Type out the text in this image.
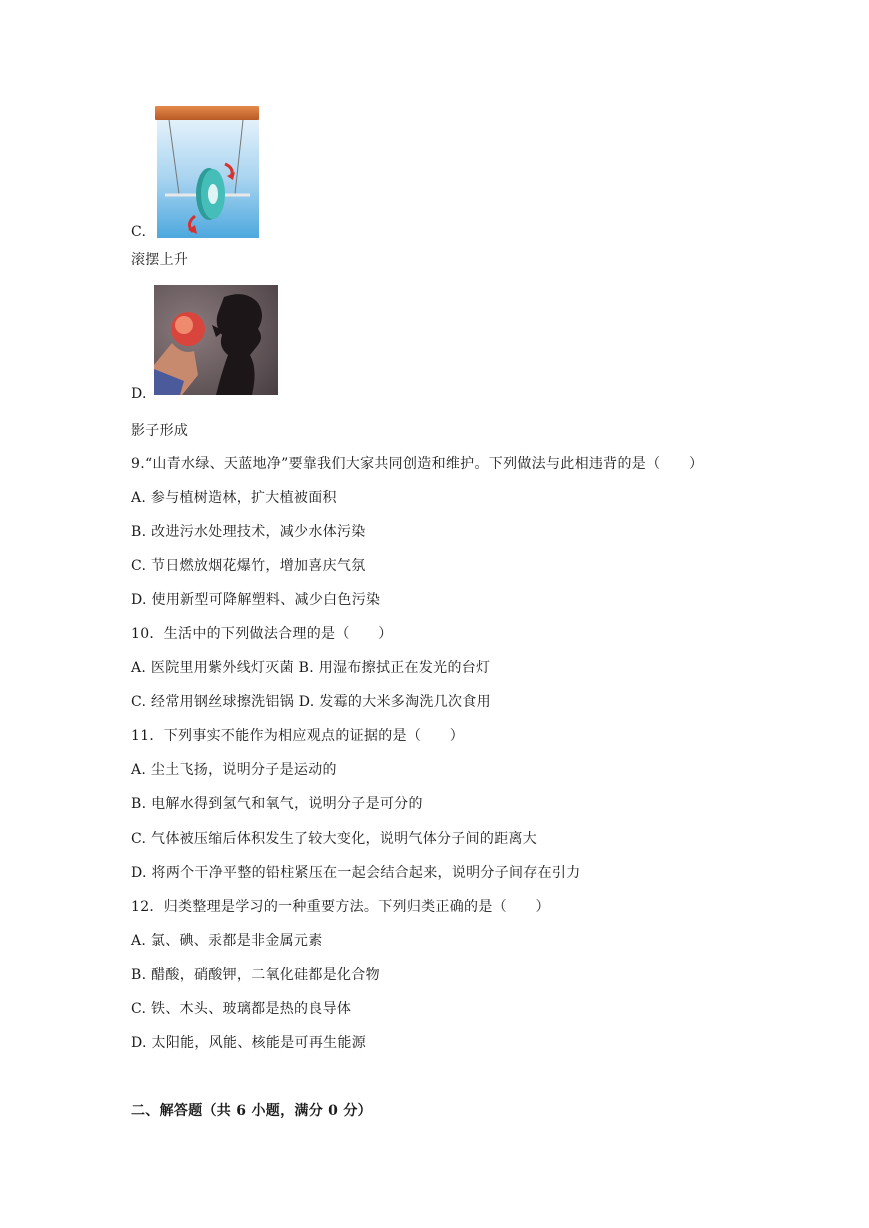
C.
滚摆上升
D.
影子形成
9.“山青水绿、天蓝地净”要靠我们大家共同创造和维护。下列做法与此相违背的是（　　）
A. 参与植树造林，扩大植被面积
B. 改进污水处理技术，减少水体污染
C. 节日燃放烟花爆竹，增加喜庆气氛
D. 使用新型可降解塑料、减少白色污染
10．生活中的下列做法合理的是（　　）
A. 医院里用紫外线灯灭菌 B. 用湿布擦拭正在发光的台灯
C. 经常用钢丝球擦洗铝锅 D. 发霉的大米多淘洗几次食用
11．下列事实不能作为相应观点的证据的是（　　）
A. 尘土飞扬，说明分子是运动的
B. 电解水得到氢气和氧气，说明分子是可分的
C. 气体被压缩后体积发生了较大变化，说明气体分子间的距离大
D. 将两个干净平整的铅柱紧压在一起会结合起来，说明分子间存在引力
12．归类整理是学习的一种重要方法。下列归类正确的是（　　）
A. 氯、碘、汞都是非金属元素
B. 醋酸，硝酸钾，二氧化硅都是化合物
C. 铁、木头、玻璃都是热的良导体
D. 太阳能，风能、核能是可再生能源
二、解答题（共 6 小题，满分 0 分）
